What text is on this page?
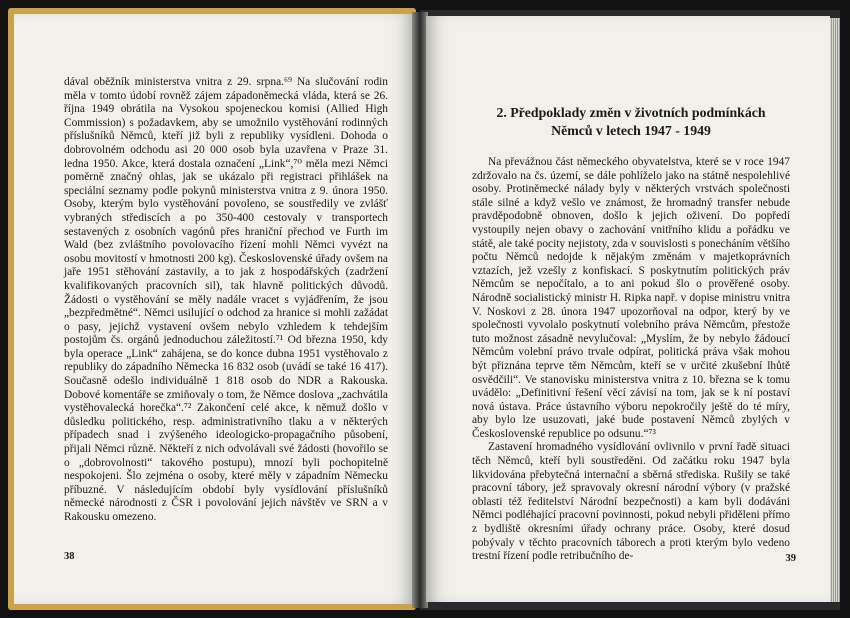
dával oběžník ministerstva vnitra z 29. srpna.⁶⁹ Na slučování rodin měla v tomto údobí rovněž zájem západoněmecká vláda, která se 26. října 1949 obrátila na Vysokou spojeneckou komisi (Allied High Commission) s požadavkem, aby se umožnilo vystěhování rodinných příslušníků Němců, kteří již byli z republiky vysídleni. Dohoda o dobrovolném odchodu asi 20 000 osob byla uzavřena v Praze 31. ledna 1950. Akce, která dostala označení „Link“,⁷⁰ měla mezi Němci poměrně značný ohlas, jak se ukázalo při registraci přihlášek na speciální seznamy podle pokynů ministerstva vnitra z 9. února 1950. Osoby, kterým bylo vystěhování povoleno, se soustředily ve zvlášť vybraných střediscích a po 350-400 cestovaly v transportech sestavených z osobních vagónů přes hraniční přechod ve Furth im Wald (bez zvláštního povolovacího řízení mohli Němci vyvézt na osobu movitostí v hmotnosti 200 kg). Československé úřady ovšem na jaře 1951 stěhování zastavily, a to jak z hospodářských (zadržení kvalifikovaných pracovních sil), tak hlavně politických důvodů. Žádosti o vystěhování se měly nadále vracet s vyjádřením, že jsou „bezpředmětné“. Němci usilující o odchod za hranice si mohli zažádat o pasy, jejichž vystavení ovšem nebylo vzhledem k tehdejším postojům čs. orgánů jednoduchou záležitostí.⁷¹ Od března 1950, kdy byla operace „Link“ zahájena, se do konce dubna 1951 vystěhovalo z republiky do západního Německa 16 832 osob (uvádí se také 16 417). Současně odešlo individuálně 1 818 osob do NDR a Rakouska. Dobové komentáře se zmiňovaly o tom, že Němce doslova „zachvátila vystěhovalecká horečka“.⁷² Zakončení celé akce, k němuž došlo v důsledku politického, resp. administrativního tlaku a v některých případech snad i zvýšeného ideologicko-propagačního působení, přijali Němci různě. Někteří z nich odvolávali své žádosti (hovořilo se o „dobrovolnosti“ takového postupu), mnozí byli pochopitelně nespokojeni. Šlo zejména o osoby, které měly v západním Německu příbuzné. V následujícím období byly vysídlování příslušníků německé národnosti z ČSR i povolování jejich návštěv ve SRN a v Rakousku omezeno.

38
2. Předpoklady změn v životních podmínkách
Němců v letech 1947 - 1949

Na převážnou část německého obyvatelstva, které se v roce 1947 zdržovalo na čs. území, se dále pohlíželo jako na státně nespolehlivé osoby. Protiněmecké nálady byly v některých vrstvách společnosti stále silné a když vešlo ve známost, že hromadný transfer nebude pravděpodobně obnoven, došlo k jejich oživení. Do popředí vystoupily nejen obavy o zachování vnitřního klidu a pořádku ve státě, ale také pocity nejistoty, zda v souvislosti s ponecháním většího počtu Němců nedojde k nějakým změnám v majetkoprávních vztazích, jež vzešly z konfiskací. S poskytnutím politických práv Němcům se nepočítalo, a to ani pokud šlo o prověřené osoby. Národně socialistický ministr H. Ripka např. v dopise ministru vnitra V. Noskovi z 28. února 1947 upozorňoval na odpor, který by ve společnosti vyvolalo poskytnutí volebního práva Němcům, přestože tuto možnost zásadně nevylučoval: „Myslím, že by nebylo žádoucí Němcům volební právo trvale odpírat, politická práva však mohou být přiznána teprve těm Němcům, kteří se v určité zkušební lhůtě osvědčili“. Ve stanovisku ministerstva vnitra z 10. března se k tomu uvádělo: „Definitivní řešení věcí závisí na tom, jak se k ní postaví nová ústava. Práce ústavního výboru nepokročily ještě do té míry, aby bylo lze usuzovati, jaké bude postavení Němců zbylých v Československé republice po odsunu.“⁷³

Zastavení hromadného vysídlování ovlivnilo v první řadě situaci těch Němců, kteří byli soustředěni. Od začátku roku 1947 byla likvidována přebytečná internační a sběrná střediska. Rušily se také pracovní tábory, jež spravovaly okresní národní výbory (v pražské oblasti též ředitelství Národní bezpečnosti) a kam byli dodáváni Němci podléhající pracovní povinnosti, pokud nebyli přiděleni přímo z bydliště okresními úřady ochrany práce. Osoby, které dosud pobývaly v těchto pracovních táborech a proti kterým bylo vedeno trestní řízení podle retribučního de-	39
